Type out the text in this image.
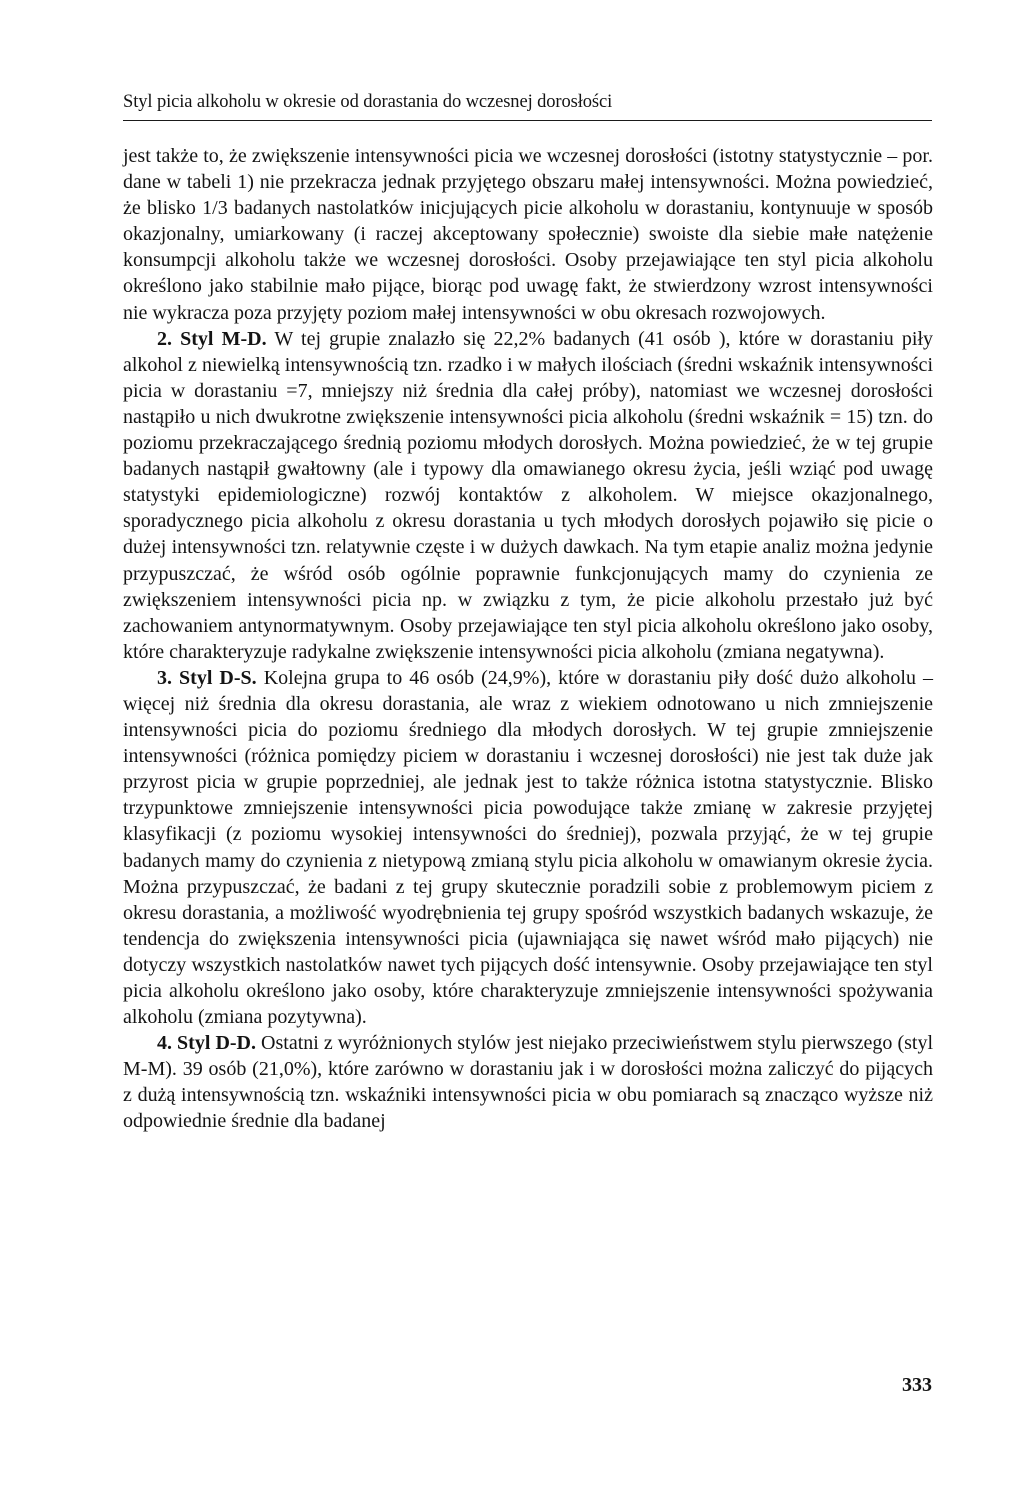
Styl picia alkoholu w okresie od dorastania do wczesnej dorosłości

jest także to, że zwiększenie intensywności picia we wczesnej dorosłości (istotny statystycznie – por. dane w tabeli 1) nie przekracza jednak przyjętego obszaru małej intensywności. Można powiedzieć, że blisko 1/3 badanych nastolatków inicjujących picie alkoholu w dorastaniu, kontynuuje w sposób okazjonalny, umiarkowany (i raczej akceptowany społecznie) swoiste dla siebie małe natężenie konsumpcji alkoholu także we wczesnej dorosłości. Osoby przejawiające ten styl picia alkoholu określono jako stabilnie mało pijące, biorąc pod uwagę fakt, że stwierdzony wzrost intensywności nie wykracza poza przyjęty poziom małej intensywności w obu okresach rozwojowych.

2. Styl M-D. W tej grupie znalazło się 22,2% badanych (41 osób ), które w dorastaniu piły alkohol z niewielką intensywnością tzn. rzadko i w małych ilościach (średni wskaźnik intensywności picia w dorastaniu =7, mniejszy niż średnia dla całej próby), natomiast we wczesnej dorosłości nastąpiło u nich dwukrotne zwiększenie intensywności picia alkoholu (średni wskaźnik = 15) tzn. do poziomu przekraczającego średnią poziomu młodych dorosłych. Można powiedzieć, że w tej grupie badanych nastąpił gwałtowny (ale i typowy dla omawianego okresu życia, jeśli wziąć pod uwagę statystyki epidemiologiczne) rozwój kontaktów z alkoholem. W miejsce okazjonalnego, sporadycznego picia alkoholu z okresu dorastania u tych młodych dorosłych pojawiło się picie o dużej intensywności tzn. relatywnie częste i w dużych dawkach. Na tym etapie analiz można jedynie przypuszczać, że wśród osób ogólnie poprawnie funkcjonujących mamy do czynienia ze zwiększeniem intensywności picia np. w związku z tym, że picie alkoholu przestało już być zachowaniem antynormatywnym. Osoby przejawiające ten styl picia alkoholu określono jako osoby, które charakteryzuje radykalne zwiększenie intensywności picia alkoholu (zmiana negatywna).

3. Styl D-S. Kolejna grupa to 46 osób (24,9%), które w dorastaniu piły dość dużo alkoholu – więcej niż średnia dla okresu dorastania, ale wraz z wiekiem odnotowano u nich zmniejszenie intensywności picia do poziomu średniego dla młodych dorosłych. W tej grupie zmniejszenie intensywności (różnica pomiędzy piciem w dorastaniu i wczesnej dorosłości) nie jest tak duże jak przyrost picia w grupie poprzedniej, ale jednak jest to także różnica istotna statystycznie. Blisko trzypunktowe zmniejszenie intensywności picia powodujące także zmianę w zakresie przyjętej klasyfikacji (z poziomu wysokiej intensywności do średniej), pozwala przyjąć, że w tej grupie badanych mamy do czynienia z nietypową zmianą stylu picia alkoholu w omawianym okresie życia. Można przypuszczać, że badani z tej grupy skutecznie poradzili sobie z problemowym piciem z okresu dorastania, a możliwość wyodrębnienia tej grupy spośród wszystkich badanych wskazuje, że tendencja do zwiększenia intensywności picia (ujawniająca się nawet wśród mało pijących) nie dotyczy wszystkich nastolatków nawet tych pijących dość intensywnie. Osoby przejawiające ten styl picia alkoholu określono jako osoby, które charakteryzuje zmniejszenie intensywności spożywania alkoholu (zmiana pozytywna).

4. Styl D-D. Ostatni z wyróżnionych stylów jest niejako przeciwieństwem stylu pierwszego (styl M-M). 39 osób (21,0%), które zarówno w dorastaniu jak i w dorosłości można zaliczyć do pijących z dużą intensywnością tzn. wskaźniki intensywności picia w obu pomiarach są znacząco wyższe niż odpowiednie średnie dla badanej

333
